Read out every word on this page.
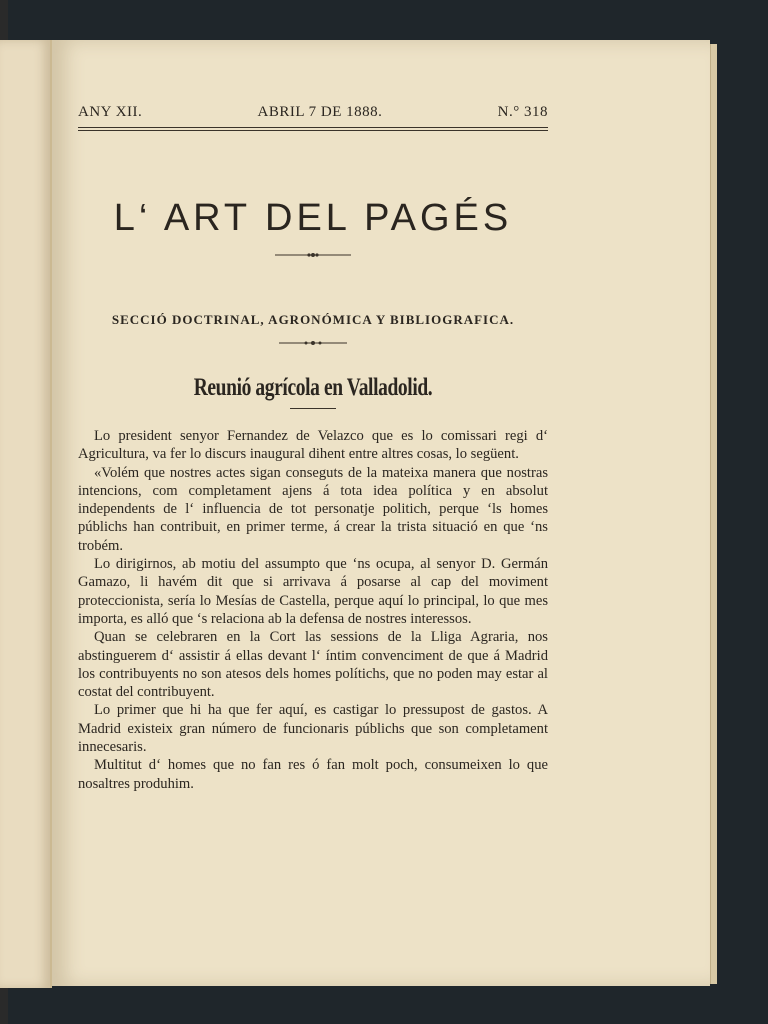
ANY XII.	ABRIL 7 DE 1888.	N.° 318
L‘ ART DEL PAGÉS
SECCIÓ DOCTRINAL, AGRONÓMICA Y BIBLIOGRAFICA.
Reunió agrícola en Valladolid.

Lo president senyor Fernandez de Velazco que es lo comissari regi d‘ Agricultura, va fer lo discurs inaugural dihent entre altres cosas, lo següent.

«Volém que nostres actes sigan conseguts de la mateixa manera que nostras intencions, com completament ajens á tota idea política y en absolut independents de l‘ influencia de tot personatje politich, perque ‘ls homes públichs han contribuit, en primer terme, á crear la trista situació en que ‘ns trobém.

Lo dirigirnos, ab motiu del assumpto que ‘ns ocupa, al senyor D. Germán Gamazo, li havém dit que si arrivava á posarse al cap del moviment proteccionista, sería lo Mesías de Castella, perque aquí lo principal, lo que mes importa, es alló que ‘s relaciona ab la defensa de nostres interessos.

Quan se celebraren en la Cort las sessions de la Lliga Agraria, nos abstinguerem d‘ assistir á ellas devant l‘ íntim convenciment de que á Madrid los contribuyents no son atesos dels homes polítichs, que no poden may estar al costat del contribuyent.

Lo primer que hi ha que fer aquí, es castigar lo pressupost de gastos. A Madrid existeix gran número de funcionaris públichs que son completament innecesaris.

Multitut d‘ homes que no fan res ó fan molt poch, consumeixen lo que nosaltres produhim.
